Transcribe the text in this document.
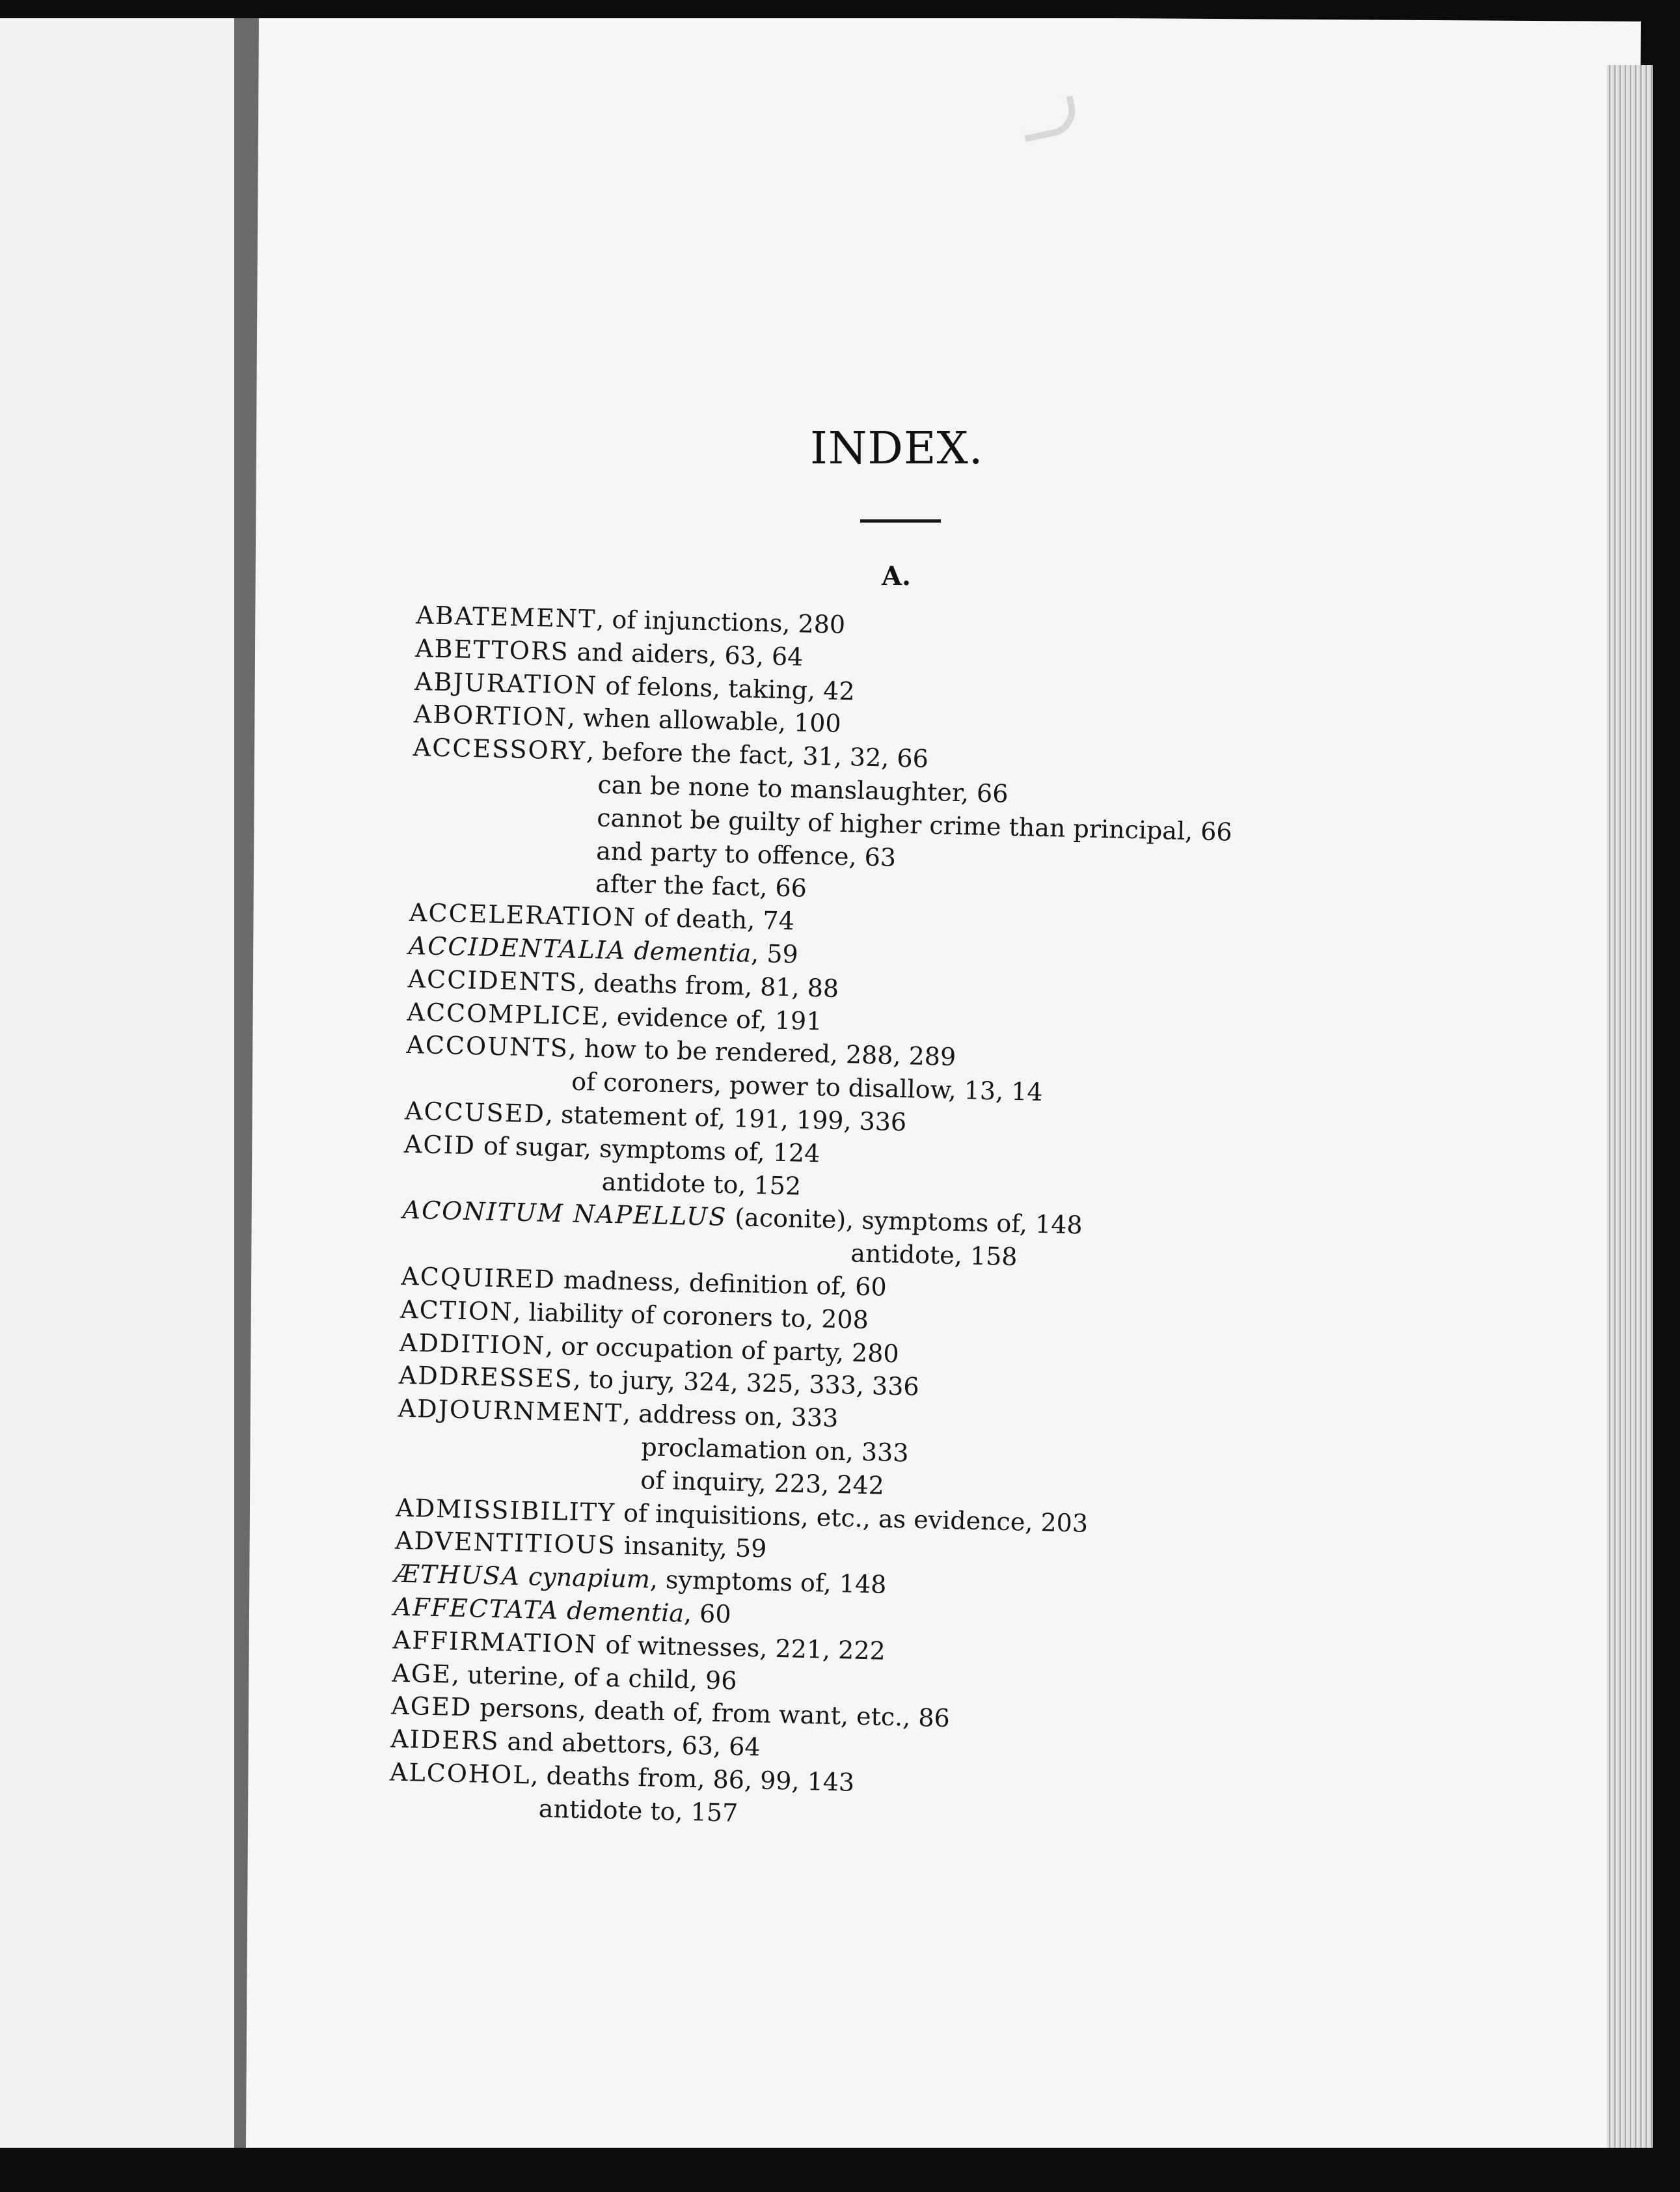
INDEX.
A.
ABATEMENT, of injunctions, 280
ABETTORS and aiders, 63, 64
ABJURATION of felons, taking, 42
ABORTION, when allowable, 100
ACCESSORY, before the fact, 31, 32, 66
can be none to manslaughter, 66
cannot be guilty of higher crime than principal, 66
and party to offence, 63
after the fact, 66
ACCELERATION of death, 74
ACCIDENTALIA dementia, 59
ACCIDENTS, deaths from, 81, 88
ACCOMPLICE, evidence of, 191
ACCOUNTS, how to be rendered, 288, 289
of coroners, power to disallow, 13, 14
ACCUSED, statement of, 191, 199, 336
ACID of sugar, symptoms of, 124
antidote to, 152
ACONITUM NAPELLUS (aconite), symptoms of, 148
antidote, 158
ACQUIRED madness, definition of, 60
ACTION, liability of coroners to, 208
ADDITION, or occupation of party, 280
ADDRESSES, to jury, 324, 325, 333, 336
ADJOURNMENT, address on, 333
proclamation on, 333
of inquiry, 223, 242
ADMISSIBILITY of inquisitions, etc., as evidence, 203
ADVENTITIOUS insanity, 59
ÆTHUSA cynapium, symptoms of, 148
AFFECTATA dementia, 60
AFFIRMATION of witnesses, 221, 222
AGE, uterine, of a child, 96
AGED persons, death of, from want, etc., 86
AIDERS and abettors, 63, 64
ALCOHOL, deaths from, 86, 99, 143
antidote to, 157
